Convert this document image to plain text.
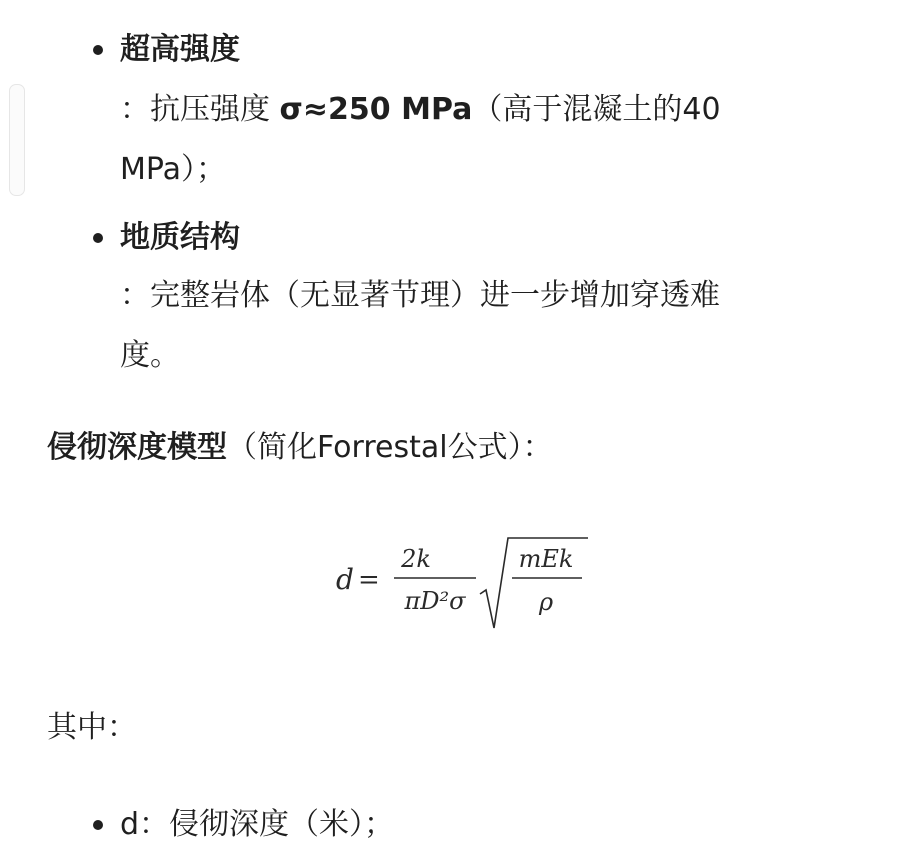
超高强度
：抗压强度 σ≈250 MPa（高于混凝土的40
MPa）；
地质结构
：完整岩体（无显著节理）进一步增加穿透难
度。
侵彻深度模型（简化Forrestal公式）：
d =
2k
πD²σ
mEk
ρ
其中：
d：侵彻深度（米）；
